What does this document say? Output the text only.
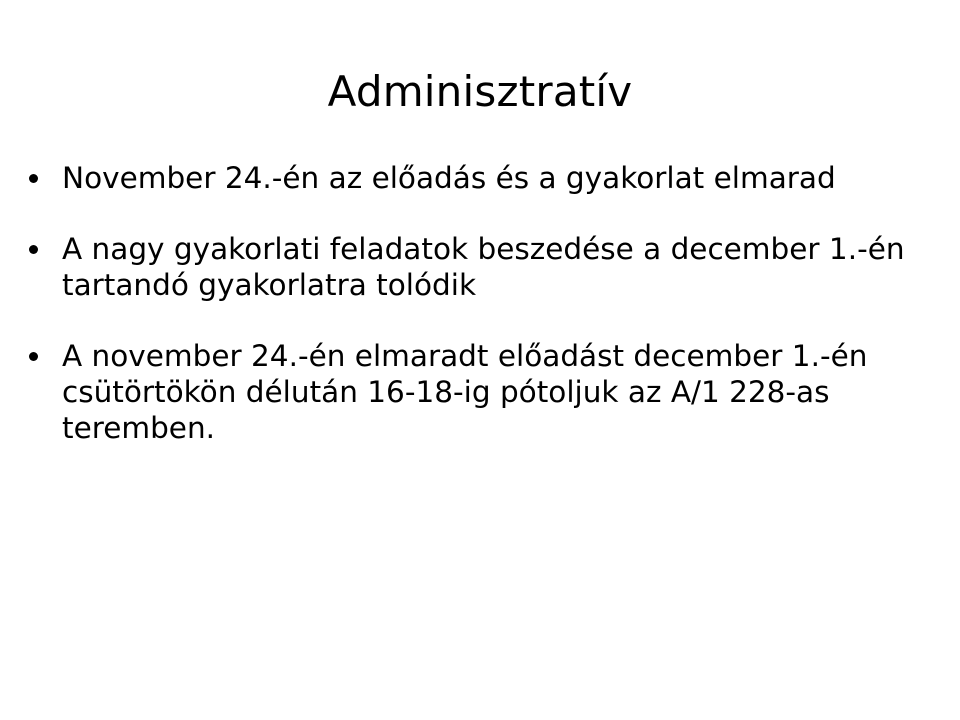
Adminisztratív
November 24.-én az előadás és a gyakorlat elmarad
A nagy gyakorlati feladatok beszedése a december 1.-én tartandó gyakorlatra tolódik
A november 24.-én elmaradt előadást december 1.-én csütörtökön délután 16-18-ig pótoljuk az A/1 228-as teremben.
